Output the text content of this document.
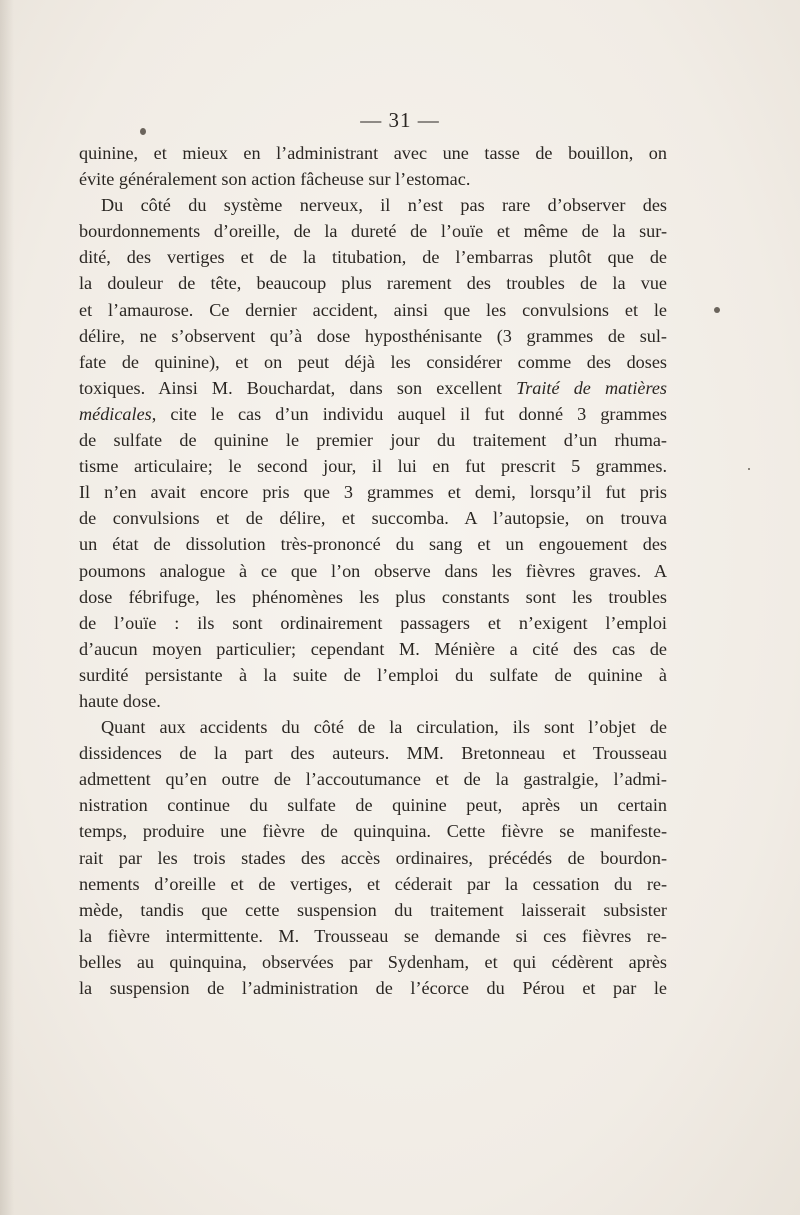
— 31 —
quinine, et mieux en l’administrant avec une tasse de bouillon, on
évite généralement son action fâcheuse sur l’estomac.
Du côté du système nerveux, il n’est pas rare d’observer des
bourdonnements d’oreille, de la dureté de l’ouïe et même de la sur-
dité, des vertiges et de la titubation, de l’embarras plutôt que de
la douleur de tête, beaucoup plus rarement des troubles de la vue
et l’amaurose. Ce dernier accident, ainsi que les convulsions et le
délire, ne s’observent qu’à dose hyposthénisante (3 grammes de sul-
fate de quinine), et on peut déjà les considérer comme des doses
toxiques. Ainsi M. Bouchardat, dans son excellent Traité de matières
médicales, cite le cas d’un individu auquel il fut donné 3 grammes
de sulfate de quinine le premier jour du traitement d’un rhuma-
tisme articulaire; le second jour, il lui en fut prescrit 5 grammes.
Il n’en avait encore pris que 3 grammes et demi, lorsqu’il fut pris
de convulsions et de délire, et succomba. A l’autopsie, on trouva
un état de dissolution très-prononcé du sang et un engouement des
poumons analogue à ce que l’on observe dans les fièvres graves. A
dose fébrifuge, les phénomènes les plus constants sont les troubles
de l’ouïe : ils sont ordinairement passagers et n’exigent l’emploi
d’aucun moyen particulier; cependant M. Ménière a cité des cas de
surdité persistante à la suite de l’emploi du sulfate de quinine à
haute dose.
Quant aux accidents du côté de la circulation, ils sont l’objet de
dissidences de la part des auteurs. MM. Bretonneau et Trousseau
admettent qu’en outre de l’accoutumance et de la gastralgie, l’admi-
nistration continue du sulfate de quinine peut, après un certain
temps, produire une fièvre de quinquina. Cette fièvre se manifeste-
rait par les trois stades des accès ordinaires, précédés de bourdon-
nements d’oreille et de vertiges, et céderait par la cessation du re-
mède, tandis que cette suspension du traitement laisserait subsister
la fièvre intermittente. M. Trousseau se demande si ces fièvres re-
belles au quinquina, observées par Sydenham, et qui cédèrent après
la suspension de l’administration de l’écorce du Pérou et par le
